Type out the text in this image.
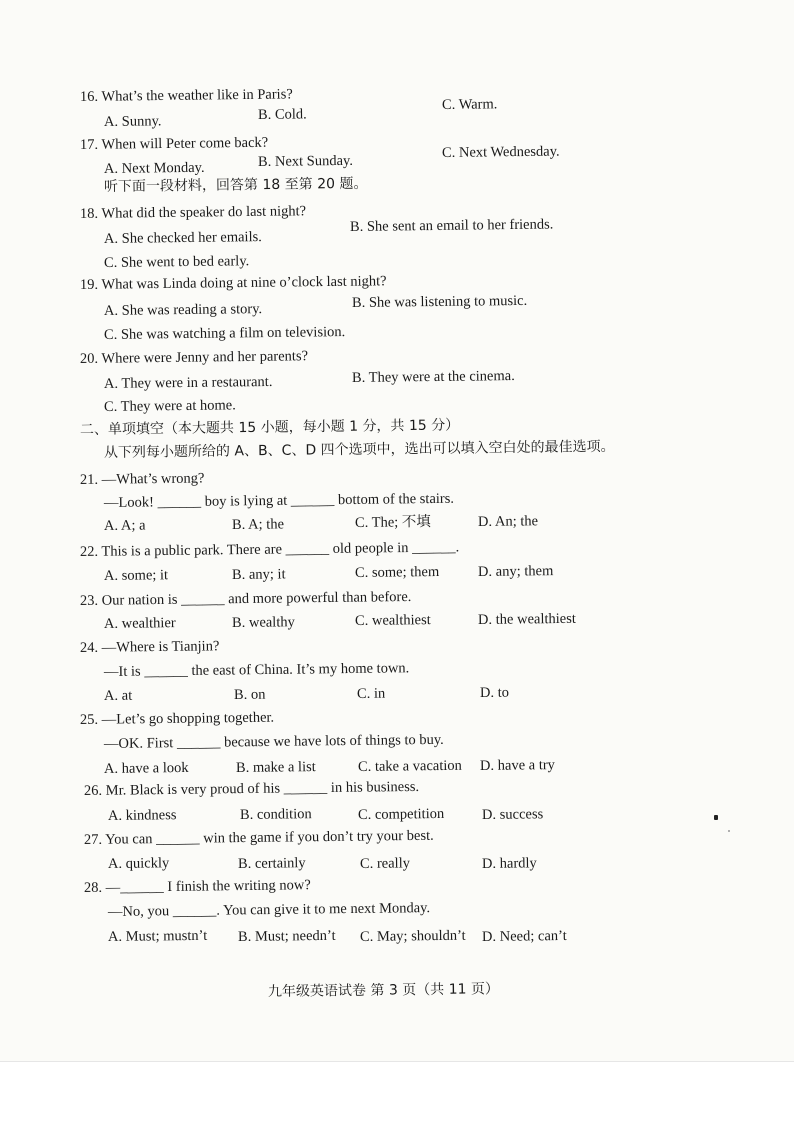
16. What’s the weather like in Paris?
A. Sunny.	B. Cold.
C. Warm.
17. When will Peter come back?
A. Next Monday.	B. Next Sunday.
C. Next Wednesday.
听下面一段材料，回答第 18 至第 20 题。
18. What did the speaker do last night?
A. She checked her emails.
B. She sent an email to her friends.
C. She went to bed early.
19. What was Linda doing at nine o’clock last night?
A. She was reading a story.	B. She was listening to music.
C. She was watching a film on television.
20. Where were Jenny and her parents?
A. They were in a restaurant.	B. They were at the cinema.
C. They were at home.
二、单项填空（本大题共 15 小题，每小题 1 分，共 15 分）
从下列每小题所给的 A、B、C、D 四个选项中，选出可以填入空白处的最佳选项。
21. —What’s wrong?
—Look! ______ boy is lying at ______ bottom of the stairs.
A. A; a	B. A; the	C. The; 不填	D. An; the
22. This is a public park. There are ______ old people in ______.
A. some; it	B. any; it	C. some; them	D. any; them
23. Our nation is ______ and more powerful than before.
A. wealthier	B. wealthy	C. wealthiest	D. the wealthiest
24. —Where is Tianjin?
—It is ______ the east of China. It’s my home town.
A. at	B. on	C. in	D. to
25. —Let’s go shopping together.
—OK. First ______ because we have lots of things to buy.
A. have a look	B. make a list	C. take a vacation D. have a try
26. Mr. Black is very proud of his ______ in his business.
A. kindness	B. condition	C. competition	D. success
27. You can ______ win the game if you don’t try your best.
A. quickly	B. certainly	C. really	D. hardly
28. —______ I finish the writing now?
—No, you ______. You can give it to me next Monday.
A. Must; mustn’t B. Must; needn’t C. May; shouldn’t D. Need; can’t
九年级英语试卷 第 3 页（共 11 页）
